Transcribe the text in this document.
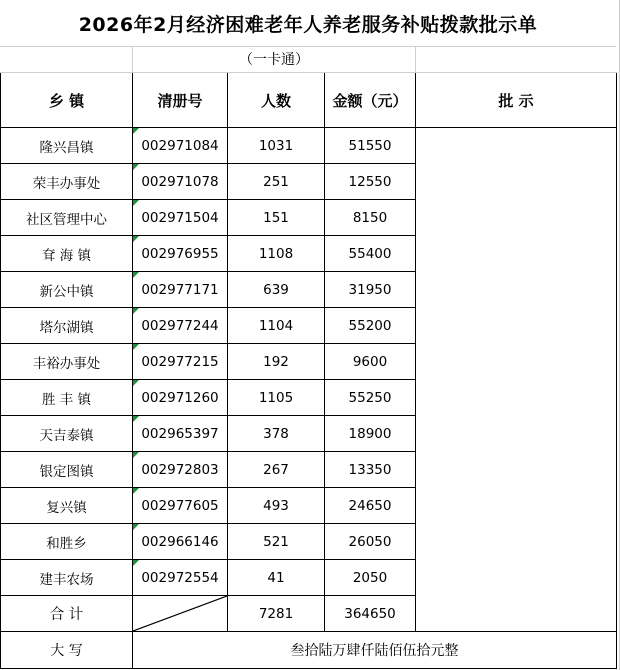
2026年2月经济困难老年人养老服务补贴拨款批示单
	（一卡通）			
乡 镇	清册号	人数	金额（元）	批 示
隆兴昌镇	002971084	1031	51550	
荣丰办事处	002971078	251	12550	
社区管理中心	002971504	151	8150	
耷 海 镇	002976955	1108	55400	
新公中镇	002977171	639	31950	
塔尔湖镇	002977244	1104	55200	
丰裕办事处	002977215	192	9600	
胜 丰 镇	002971260	1105	55250	
天吉泰镇	002965397	378	18900	
银定图镇	002972803	267	13350	
复兴镇	002977605	493	24650	
和胜乡	002966146	521	26050	
建丰农场	002972554	41	2050	
合 计		7281	364650	
大 写	叁拾陆万肆仟陆佰伍拾元整			
